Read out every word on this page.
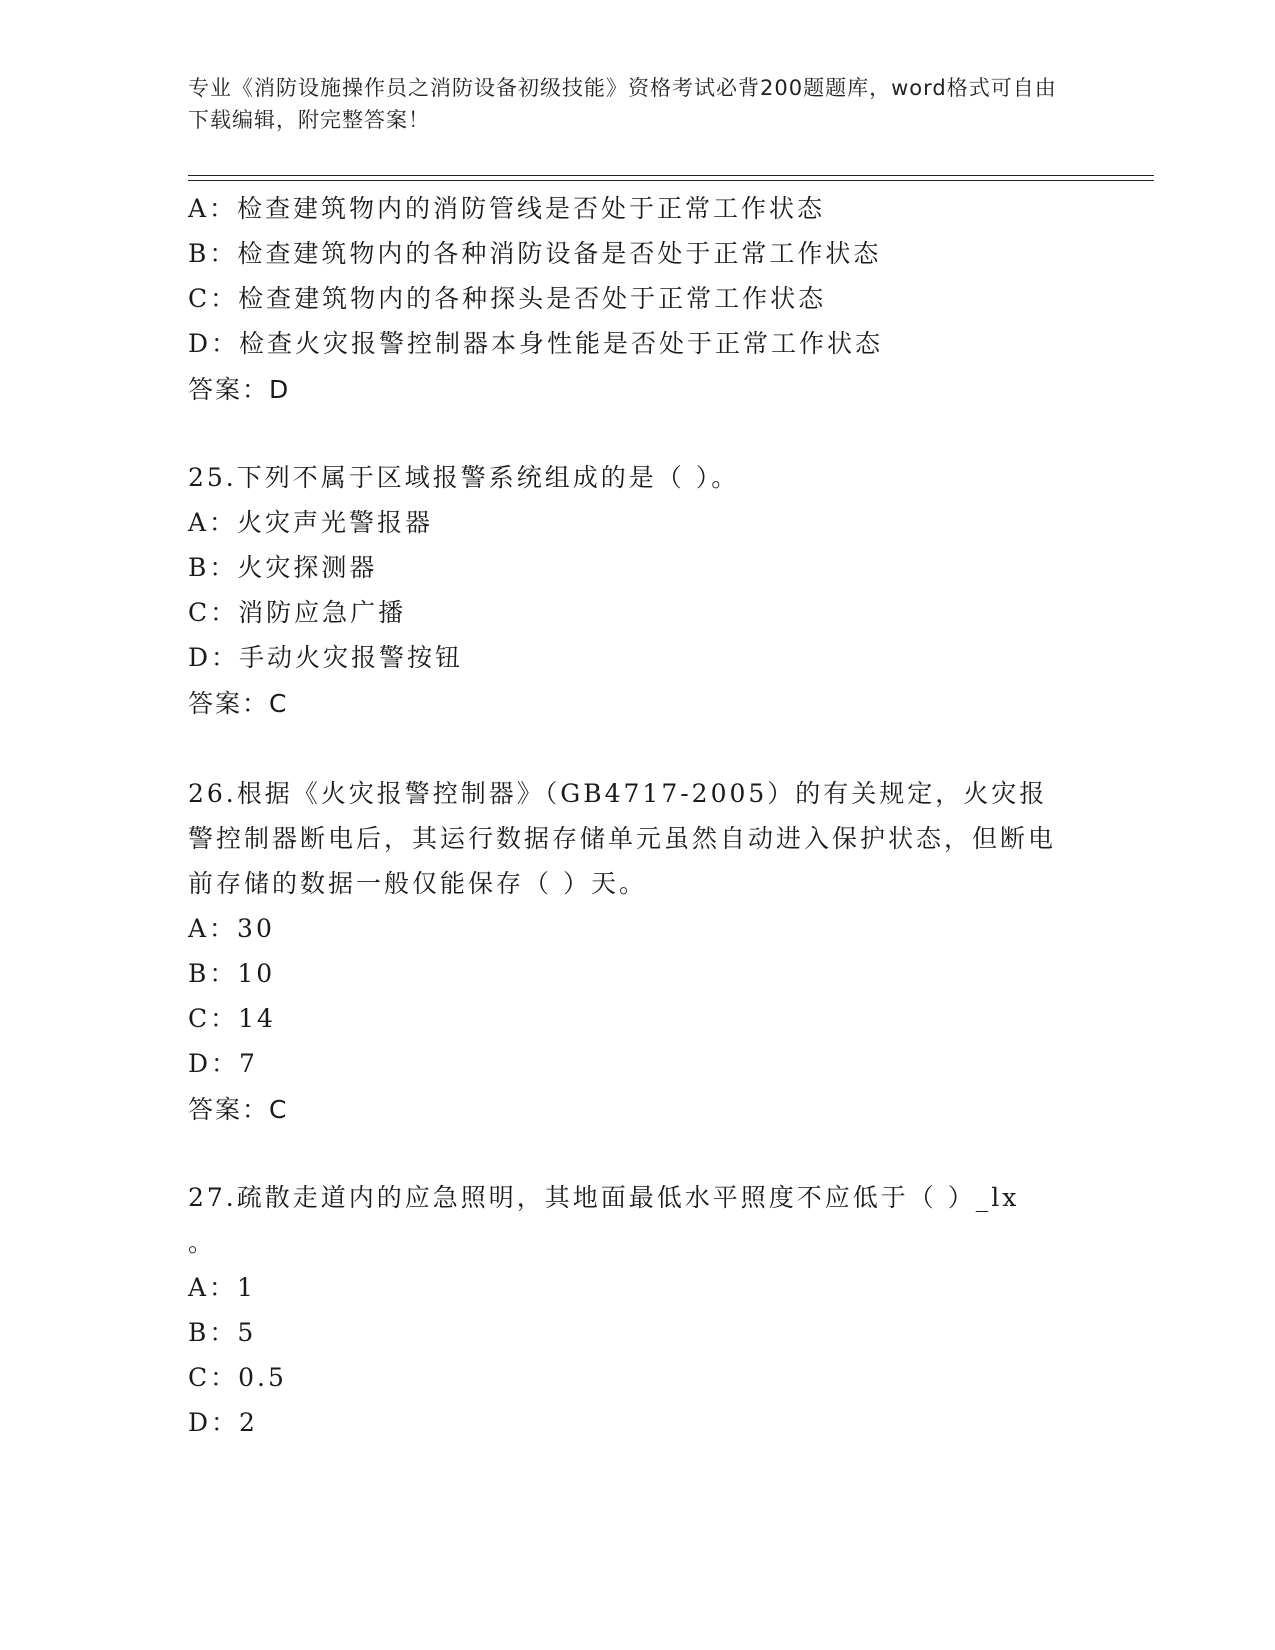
专业《消防设施操作员之消防设备初级技能》资格考试必背200题题库，word格式可自由下载编辑，附完整答案！
A：检查建筑物内的消防管线是否处于正常工作状态
B：检查建筑物内的各种消防设备是否处于正常工作状态
C：检查建筑物内的各种探头是否处于正常工作状态
D：检查火灾报警控制器本身性能是否处于正常工作状态
答案：D
25.下列不属于区域报警系统组成的是（ ）。
A：火灾声光警报器
B：火灾探测器
C：消防应急广播
D：手动火灾报警按钮
答案：C
26.根据《火灾报警控制器》（GB4717-2005）的有关规定，火灾报警控制器断电后，其运行数据存储单元虽然自动进入保护状态，但断电前存储的数据一般仅能保存（ ）天。
A：30
B：10
C：14
D：7
答案：C
27.疏散走道内的应急照明，其地面最低水平照度不应低于（ ）_lx
。
A：1
B：5
C：0.5
D：2
